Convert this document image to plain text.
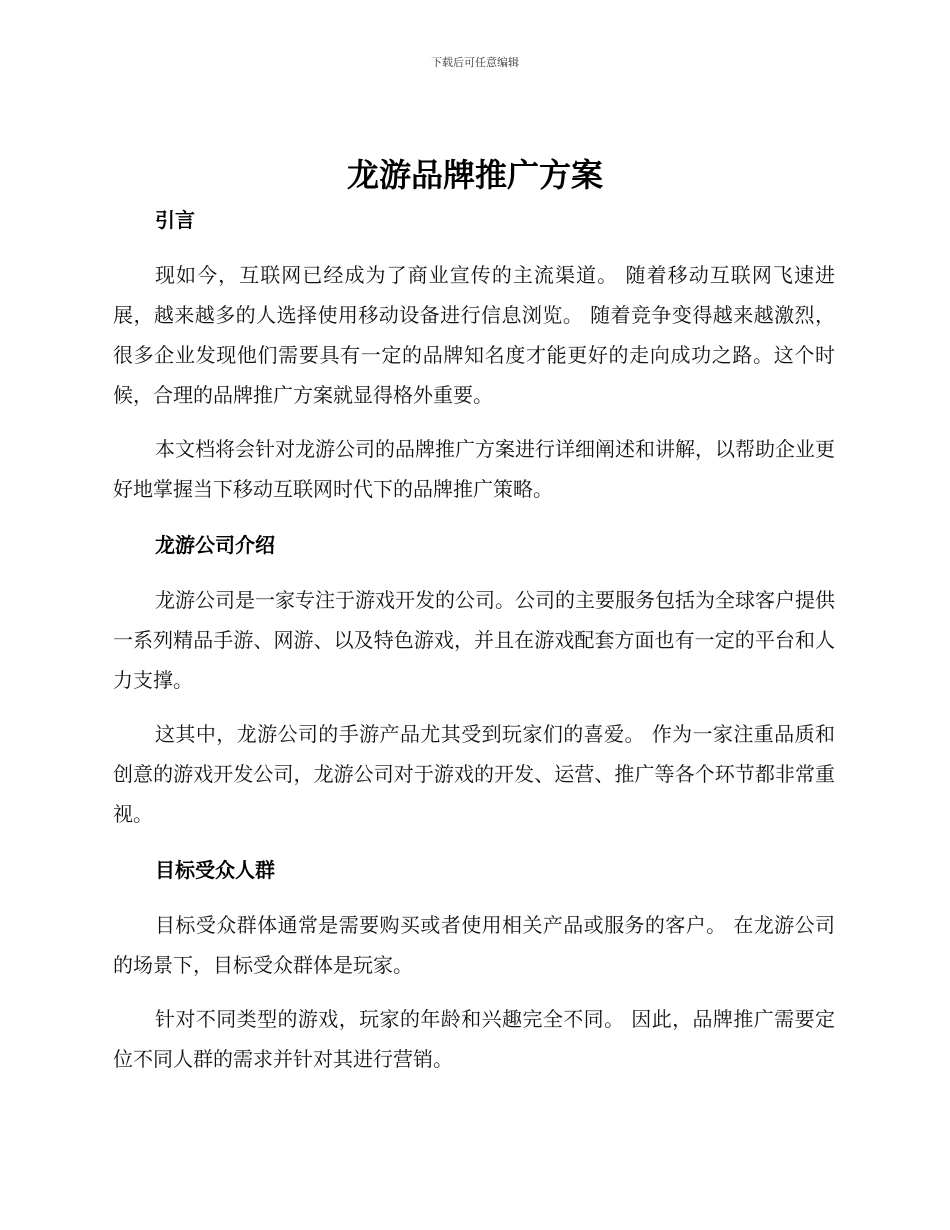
下载后可任意编辑
龙游品牌推广方案
引言

现如今，互联网已经成为了商业宣传的主流渠道。 随着移动互联网飞速进展，越来越多的人选择使用移动设备进行信息浏览。 随着竞争变得越来越激烈，很多企业发现他们需要具有一定的品牌知名度才能更好的走向成功之路。这个时候，合理的品牌推广方案就显得格外重要。

本文档将会针对龙游公司的品牌推广方案进行详细阐述和讲解，以帮助企业更好地掌握当下移动互联网时代下的品牌推广策略。

龙游公司介绍

龙游公司是一家专注于游戏开发的公司。公司的主要服务包括为全球客户提供一系列精品手游、网游、以及特色游戏，并且在游戏配套方面也有一定的平台和人力支撑。

这其中，龙游公司的手游产品尤其受到玩家们的喜爱。 作为一家注重品质和创意的游戏开发公司，龙游公司对于游戏的开发、运营、推广等各个环节都非常重视。

目标受众人群

目标受众群体通常是需要购买或者使用相关产品或服务的客户。 在龙游公司的场景下，目标受众群体是玩家。

针对不同类型的游戏，玩家的年龄和兴趣完全不同。 因此，品牌推广需要定位不同人群的需求并针对其进行营销。
